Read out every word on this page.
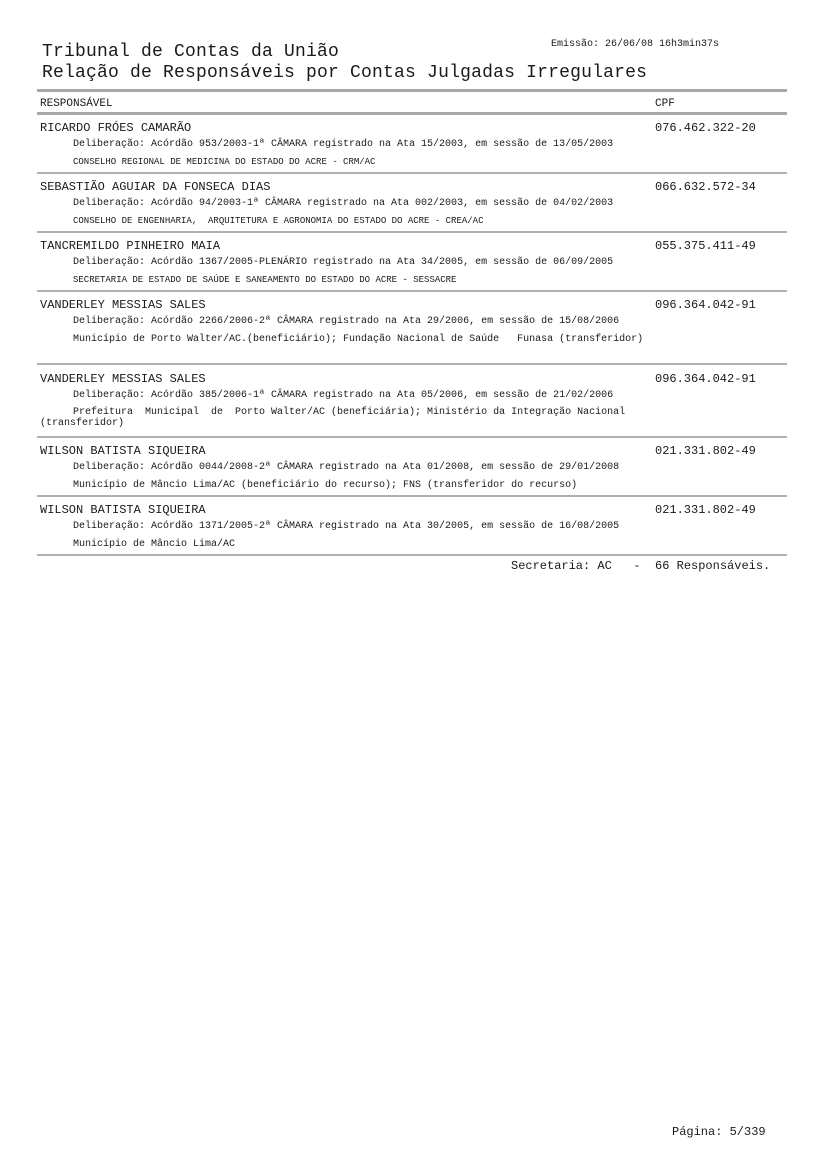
Emissão: 26/06/08 16h3min37s
Tribunal de Contas da União
Relação de Responsáveis por Contas Julgadas Irregulares
RESPONSÁVEL	CPF
RICARDO FRÓES CAMARÃO	076.462.322-20
Deliberação: Acórdão 953/2003-1ª CÂMARA registrado na Ata 15/2003, em sessão de 13/05/2003
CONSELHO REGIONAL DE MEDICINA DO ESTADO DO ACRE - CRM/AC
SEBASTIÃO AGUIAR DA FONSECA DIAS	066.632.572-34
Deliberação: Acórdão 94/2003-1ª CÂMARA registrado na Ata 002/2003, em sessão de 04/02/2003
CONSELHO DE ENGENHARIA,  ARQUITETURA E AGRONOMIA DO ESTADO DO ACRE - CREA/AC
TANCREMILDO PINHEIRO MAIA	055.375.411-49
Deliberação: Acórdão 1367/2005-PLENÁRIO registrado na Ata 34/2005, em sessão de 06/09/2005
SECRETARIA DE ESTADO DE SAÚDE E SANEAMENTO DO ESTADO DO ACRE - SESSACRE
VANDERLEY MESSIAS SALES	096.364.042-91
Deliberação: Acórdão 2266/2006-2ª CÂMARA registrado na Ata 29/2006, em sessão de 15/08/2006
Município de Porto Walter/AC.(beneficiário); Fundação Nacional de Saúde   Funasa (transferidor)
VANDERLEY MESSIAS SALES	096.364.042-91
Deliberação: Acórdão 385/2006-1ª CÂMARA registrado na Ata 05/2006, em sessão de 21/02/2006
Prefeitura  Municipal  de  Porto Walter/AC (beneficiária); Ministério da Integração Nacional
(transferidor)
WILSON BATISTA SIQUEIRA	021.331.802-49
Deliberação: Acórdão 0044/2008-2ª CÂMARA registrado na Ata 01/2008, em sessão de 29/01/2008
Município de Mâncio Lima/AC (beneficiário do recurso); FNS (transferidor do recurso)
WILSON BATISTA SIQUEIRA	021.331.802-49
Deliberação: Acórdão 1371/2005-2ª CÂMARA registrado na Ata 30/2005, em sessão de 16/08/2005
Município de Mâncio Lima/AC
Secretaria: AC   -  66 Responsáveis.
Página: 5/339
